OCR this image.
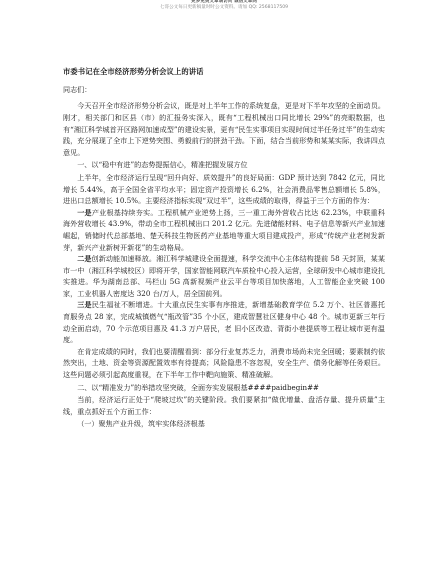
更多免费文章请访问 诚信文章网
七哥公文每日更新稿量时时公文资料。请加 QQ: 2568117509
市委书记在全市经济形势分析会议上的讲话
同志们：

今天召开全市经济形势分析会议，既是对上半年工作的系统复盘，更是对下半年攻坚的全面动员。刚才，相关部门和区县（市）的汇报务实深入，既有“工程机械出口同比增长 29%”的亮眼数据，也有“湘江科学城首开区路网加速成型”的建设实景，更有“民生实事项目实现时间过半任务过半”的生动实践，充分展现了全市上下逆势突围、勇毅前行的拼劲干劲。下面，结合当前形势和某某实际，我讲四点意见。

一、以“稳中有进”的态势提振信心，精准把握发展方位

上半年，全市经济运行呈现“回升向好、质效提升”的良好局面：GDP 预计达到 7842 亿元，同比增长 5.44%，高于全国全省平均水平；固定资产投资增长 6.2%，社会消费品零售总额增长 5.8%，进出口总额增长 10.5%。主要经济指标实现“双过半”，这些成绩的取得，得益于三个方面的作为：

一是产业根基持续夯实。工程机械产业逆势上扬，三一重工海外营收占比达 62.23%，中联重科海外营收增长 43.9%，带动全市工程机械出口 201.2 亿元。先进储能材料、电子信息等新兴产业加速崛起，销储时代总部基地、楚天科技生物医药产业基地等重大项目建成投产，形成“传统产业老树发新芽，新兴产业新树开新花”的生动格局。

二是创新动能加速释放。湘江科学城建设全面提速，科学交流中心主体结构提前 58 天封顶，某某市一中（湘江科学城校区）即将开学，国家智能网联汽车质检中心投入运营，全球研发中心城市建设扎实推进。华为湖南总部、马栏山 5G 高新视频产业云平台等项目加快落地，人工智能企业突破 100 家，工业机器人密度达 320 台/万人，居全国前列。

三是民生福祉不断增进。十大重点民生实事有序推进，新增基础教育学位 5.2 万个、社区普惠托育服务点 28 家，完成城镇燃气“瓶改管”35 个小区，建成智慧社区健身中心 48 个。城市更新三年行动全面启动，70 个示范项目惠及 41.3 万户居民，老 旧小区改造、背街小巷提质等工程让城市更有温度。

在肯定成绩的同时，我们也要清醒看到：部分行业复苏乏力，消费市场尚未完全回暖；要素制约依然突出，土地、资金等资源配置效率有待提高；风险隐患不容忽视，安全生产、债务化解等任务艰巨。这些问题必须引起高度重视，在下半年工作中靶向施策、精准破解。

二、以“精准发力”的举措攻坚突破，全面夯实发展根基####paidbegin##

当前，经济运行正处于“爬坡过坎”的关键阶段。我们要紧扣“做优增量、盘活存量、提升质量”主线，重点抓好五个方面工作：

（一）聚焦产业升级，筑牢实体经济根基
